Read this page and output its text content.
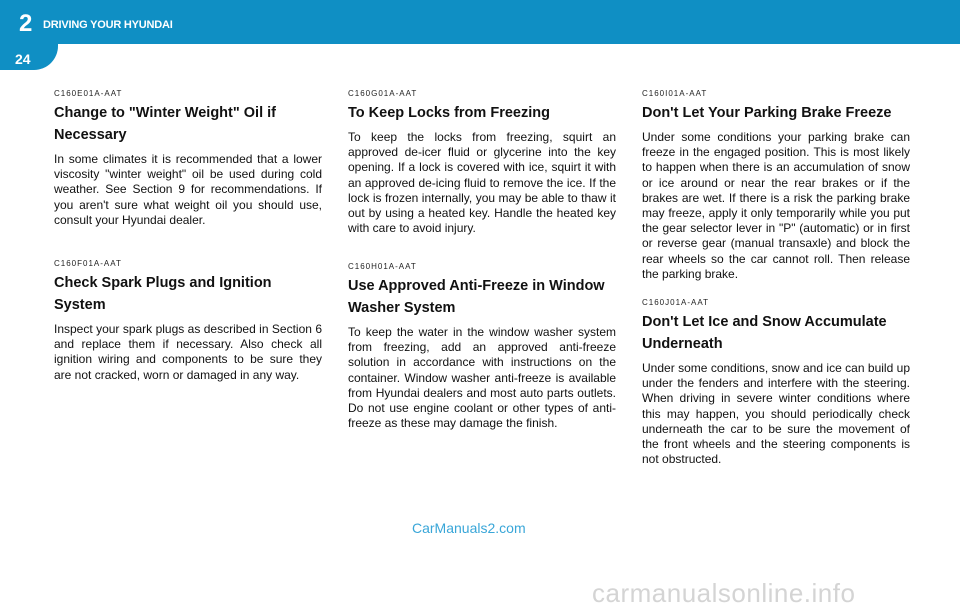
2 DRIVING YOUR HYUNDAI
24

C160E01A-AAT

Change to "Winter Weight" Oil if Necessary

In some climates it is recommended that a lower viscosity "winter weight" oil be used during cold weather. See Section 9 for recommendations. If you aren't sure what weight oil you should use, consult your Hyundai dealer.

C160F01A-AAT

Check Spark Plugs and Ignition System

Inspect your spark plugs as described in Section 6 and replace them if necessary. Also check all ignition wiring and components to be sure they are not cracked, worn or damaged in any way.

C160G01A-AAT

To Keep Locks from Freezing

To keep the locks from freezing, squirt an approved de-icer fluid or glycerine into the key opening. If a lock is covered with ice, squirt it with an approved de-icing fluid to remove the ice. If the lock is frozen internally, you may be able to thaw it out by using a heated key. Handle the heated key with care to avoid injury.

C160H01A-AAT

Use Approved Anti-Freeze in Window Washer System

To keep the water in the window washer system from freezing, add an approved anti-freeze solution in accordance with instructions on the container. Window washer anti-freeze is available from Hyundai dealers and most auto parts outlets. Do not use engine coolant or other types of anti-freeze as these may damage the finish.

C160I01A-AAT

Don't Let Your Parking Brake Freeze

Under some conditions your parking brake can freeze in the engaged position. This is most likely to happen when there is an accumulation of snow or ice around or near the rear brakes or if the brakes are wet. If there is a risk the parking brake may freeze, apply it only temporarily while you put the gear selector lever in "P" (automatic) or in first or reverse gear (manual transaxle) and block the rear wheels so the car cannot roll. Then release the parking brake.

C160J01A-AAT

Don't Let Ice and Snow Accumulate Underneath

Under some conditions, snow and ice can build up under the fenders and interfere with the steering. When driving in severe winter conditions where this may happen, you should periodically check underneath the car to be sure the movement of the front wheels and the steering components is not obstructed.

CarManuals2.com
carmanualsonline.info
